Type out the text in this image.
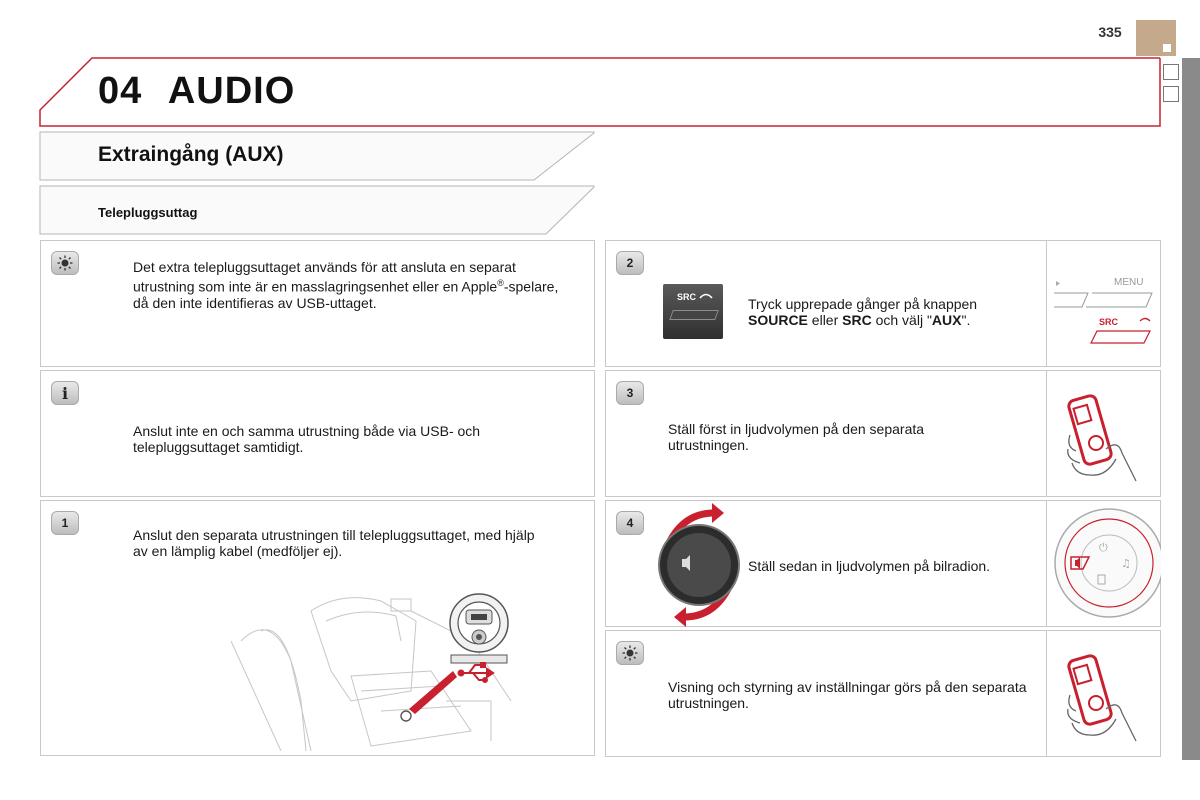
335
04 AUDIO
Extraingång (AUX)
Telepluggsuttag
Det extra telepluggsuttaget används för att ansluta en separat utrustning som inte är en masslagringsenhet eller en Apple®-spelare, då den inte identifieras av USB-uttaget.
i
Anslut inte en och samma utrustning både via USB- och telepluggsuttaget samtidigt.
1
Anslut den separata utrustningen till telepluggsuttaget, med hjälp av en lämplig kabel (medföljer ej).
2
SRC	Tryck upprepade gånger på knappen SOURCE eller SRC och välj "AUX".
MENU
SRC
3
Ställ först in ljudvolymen på den separata utrustningen.
4
Ställ sedan in ljudvolymen på bilradion.
⏻
♫
Visning och styrning av inställningar görs på den separata utrustningen.
